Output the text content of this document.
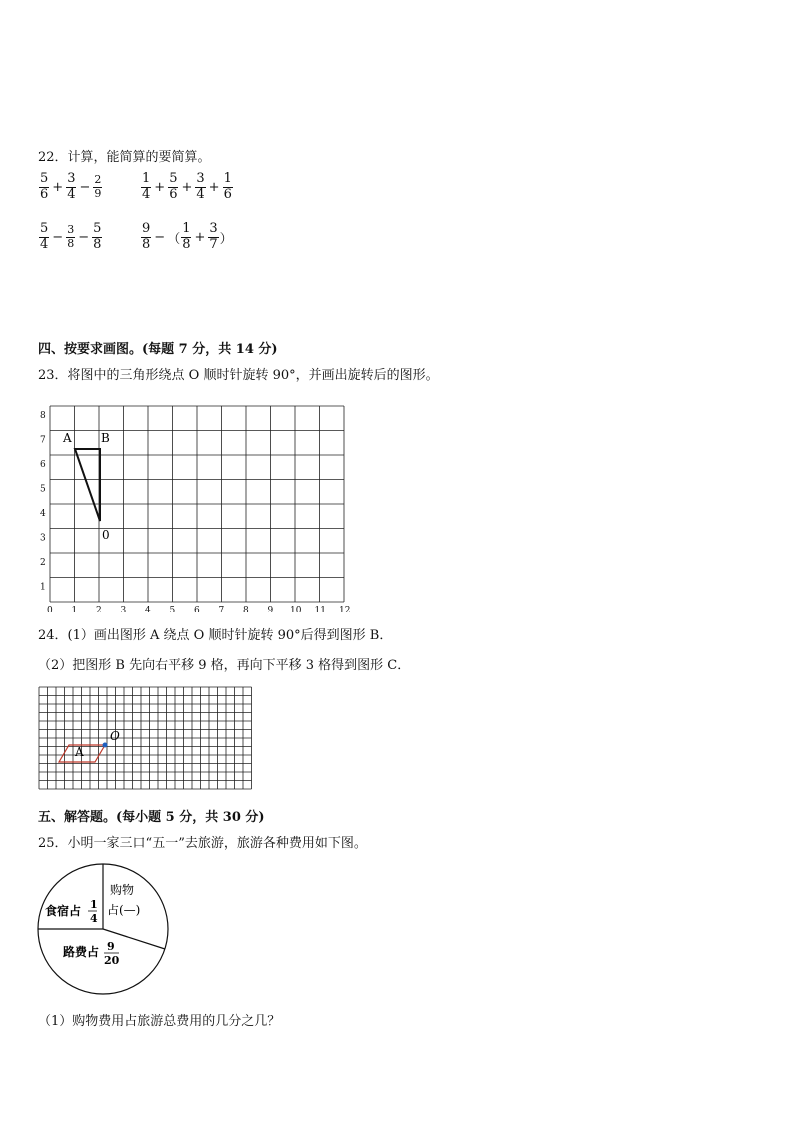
22．计算，能简算的要简算。
$\frac{5}{6} + \frac{3}{4} - \frac{2}{9}$	$\frac{1}{4} + \frac{5}{6} + \frac{3}{4} + \frac{1}{6}$
$\frac{5}{4} - \frac{3}{8} - \frac{5}{8}$	$\frac{9}{8}$ − （ $\frac{1}{8} + \frac{3}{7}$ ）
四、按要求画图。(每题 7 分，共 14 分)
23．将图中的三角形绕点 O 顺时针旋转 90°，并画出旋转后的图形。
0 1 2 3 4 5 6 7 8 9 10 11 12
1
2
3
4
5
6
7
8
A B
0
24．(1）画出图形 A 绕点 O 顺时针旋转 90°后得到图形 B．
（2）把图形 B 先向右平移 9 格，再向下平移 3 格得到图形 C．
O
A
五、解答题。(每小题 5 分，共 30 分)
25．小明一家三口“五一”去旅游，旅游各种费用如下图。
食宿占 1
4
购物
占(—)
路费占 9
20
（1）购物费用占旅游总费用的几分之几？
